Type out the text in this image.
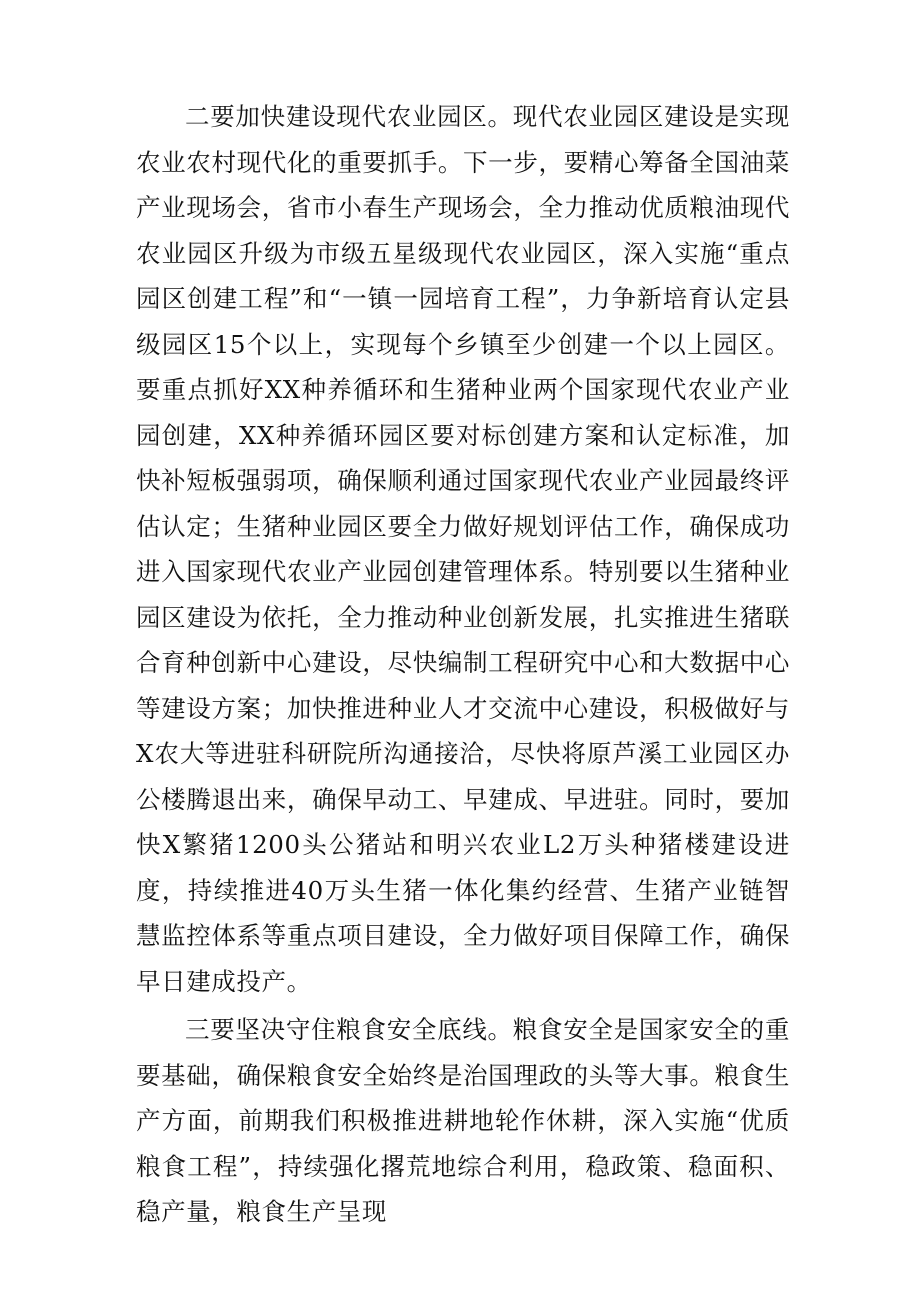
二要加快建设现代农业园区。现代农业园区建设是实现农业农村现代化的重要抓手。下一步，要精心筹备全国油菜产业现场会，省市小春生产现场会，全力推动优质粮油现代农业园区升级为市级五星级现代农业园区，深入实施“重点园区创建工程”和“一镇一园培育工程”，力争新培育认定县级园区15个以上，实现每个乡镇至少创建一个以上园区。要重点抓好XX种养循环和生猪种业两个国家现代农业产业园创建，XX种养循环园区要对标创建方案和认定标准，加快补短板强弱项，确保顺利通过国家现代农业产业园最终评估认定；生猪种业园区要全力做好规划评估工作，确保成功进入国家现代农业产业园创建管理体系。特别要以生猪种业园区建设为依托，全力推动种业创新发展，扎实推进生猪联合育种创新中心建设，尽快编制工程研究中心和大数据中心等建设方案；加快推进种业人才交流中心建设，积极做好与X农大等进驻科研院所沟通接洽，尽快将原芦溪工业园区办公楼腾退出来，确保早动工、早建成、早进驻。同时，要加快X繁猪1200头公猪站和明兴农业L2万头种猪楼建设进度，持续推进40万头生猪一体化集约经营、生猪产业链智慧监控体系等重点项目建设，全力做好项目保障工作，确保早日建成投产。

三要坚决守住粮食安全底线。粮食安全是国家安全的重要基础，确保粮食安全始终是治国理政的头等大事。粮食生产方面，前期我们积极推进耕地轮作休耕，深入实施“优质粮食工程”，持续强化撂荒地综合利用，稳政策、稳面积、稳产量，粮食生产呈现
